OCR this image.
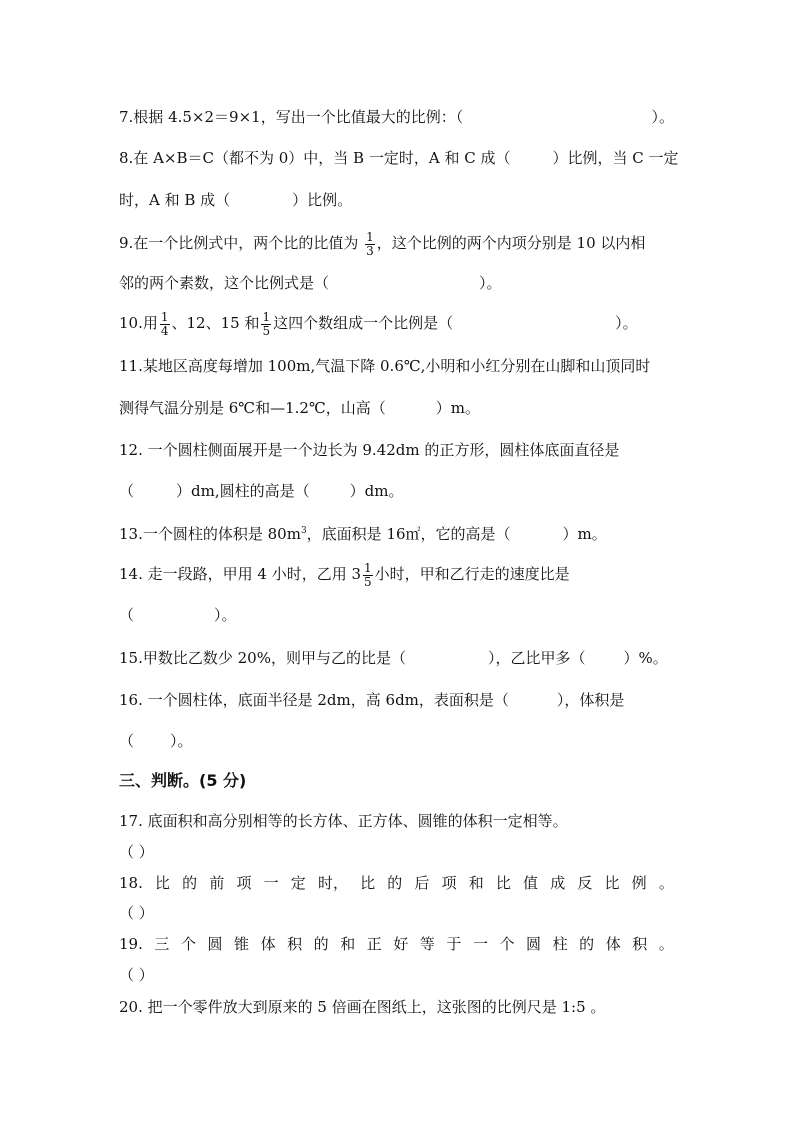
7.根据 4.5×2＝9×1，写出一个比值最大的比例：（	）。
8.在 A×B＝C（都不为 0）中，当 B 一定时，A 和 C 成（	）比例，当 C 一定
时，A 和 B 成（	）比例。
9.在一个比例式中，两个比的比值为 $\frac{1}{3}$ ，这个比例的两个内项分别是 10 以内相
邻的两个素数，这个比例式是（	）。
10.用 $\frac{1}{4}$ 、12、15 和 $\frac{1}{5}$ 这四个数组成一个比例是（	）。
11.某地区高度每增加 100m,气温下降 0.6℃,小明和小红分别在山脚和山顶同时
测得气温分别是 6℃和—1.2℃，山高（	）m。
12. 一个圆柱侧面展开是一个边长为 9.42dm 的正方形，圆柱体底面直径是
（	）dm,圆柱的高是（	）dm。
13.一个圆柱的体积是 $80m^3$，底面积是 16㎡，它的高是（	）m。
14. 走一段路，甲用 4 小时，乙用 $3 \frac{1}{5}$ 小时，甲和乙行走的速度比是
（	）。
15.甲数比乙数少 20%，则甲与乙的比是（	），乙比甲多（	）%。
16. 一个圆柱体，底面半径是 2dm，高 6dm，表面积是（	），体积是
（ ）。
三、判断。(5 分)
17. 底面积和高分别相等的长方体、正方体、圆锥的体积一定相等。
（ ）
18. 比 的 前 项 一 定 时， 比 的 后 项 和 比 值 成 反 比 例 。
（ ）
19. 三 个 圆 锥 体 积 的 和 正 好 等 于 一 个 圆 柱 的 体 积 。
（ ）
20. 把一个零件放大到原来的 5 倍画在图纸上，这张图的比例尺是 1:5 。
